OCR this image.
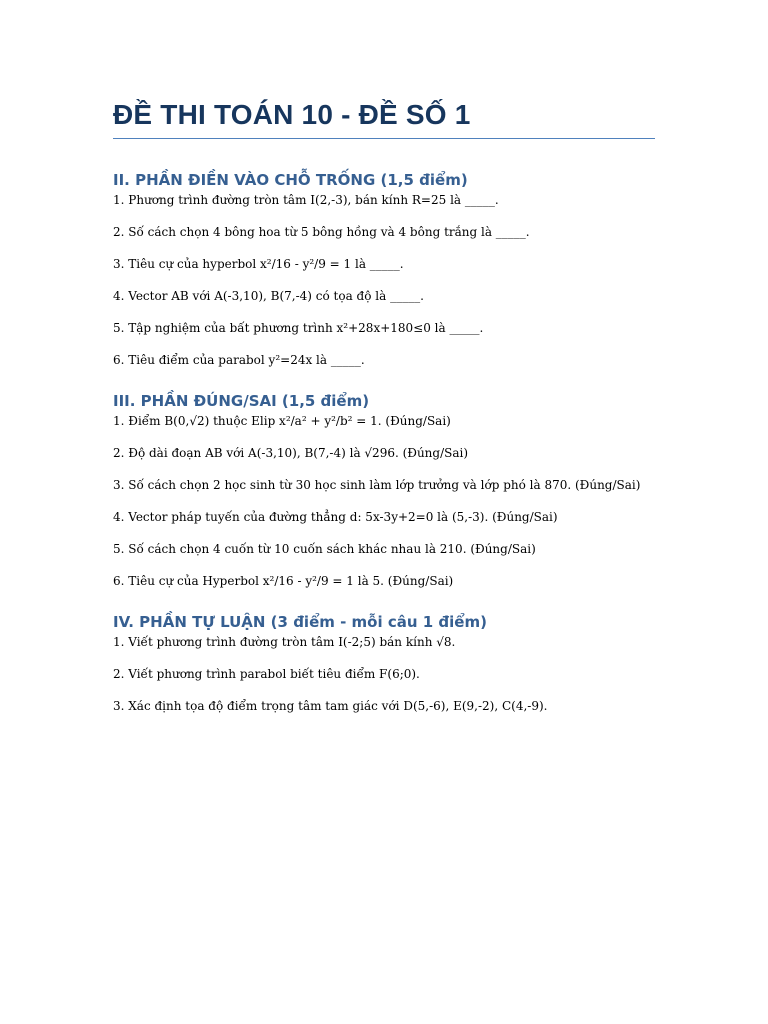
ĐỀ THI TOÁN 10 - ĐỀ SỐ 1
II. PHẦN ĐIỀN VÀO CHỖ TRỐNG (1,5 điểm)
1. Phương trình đường tròn tâm I(2,-3), bán kính R=25 là _____.
2. Số cách chọn 4 bông hoa từ 5 bông hồng và 4 bông trắng là _____.
3. Tiêu cự của hyperbol x²/16 - y²/9 = 1 là _____.
4. Vector AB với A(-3,10), B(7,-4) có tọa độ là _____.
5. Tập nghiệm của bất phương trình x²+28x+180≤0 là _____.
6. Tiêu điểm của parabol y²=24x là _____.
III. PHẦN ĐÚNG/SAI (1,5 điểm)
1. Điểm B(0,√2) thuộc Elip x²/a² + y²/b² = 1. (Đúng/Sai)
2. Độ dài đoạn AB với A(-3,10), B(7,-4) là √296. (Đúng/Sai)
3. Số cách chọn 2 học sinh từ 30 học sinh làm lớp trưởng và lớp phó là 870. (Đúng/Sai)
4. Vector pháp tuyến của đường thẳng d: 5x-3y+2=0 là (5,-3). (Đúng/Sai)
5. Số cách chọn 4 cuốn từ 10 cuốn sách khác nhau là 210. (Đúng/Sai)
6. Tiêu cự của Hyperbol x²/16 - y²/9 = 1 là 5. (Đúng/Sai)
IV. PHẦN TỰ LUẬN (3 điểm - mỗi câu 1 điểm)
1. Viết phương trình đường tròn tâm I(-2;5) bán kính √8.
2. Viết phương trình parabol biết tiêu điểm F(6;0).
3. Xác định tọa độ điểm trọng tâm tam giác với D(5,-6), E(9,-2), C(4,-9).
